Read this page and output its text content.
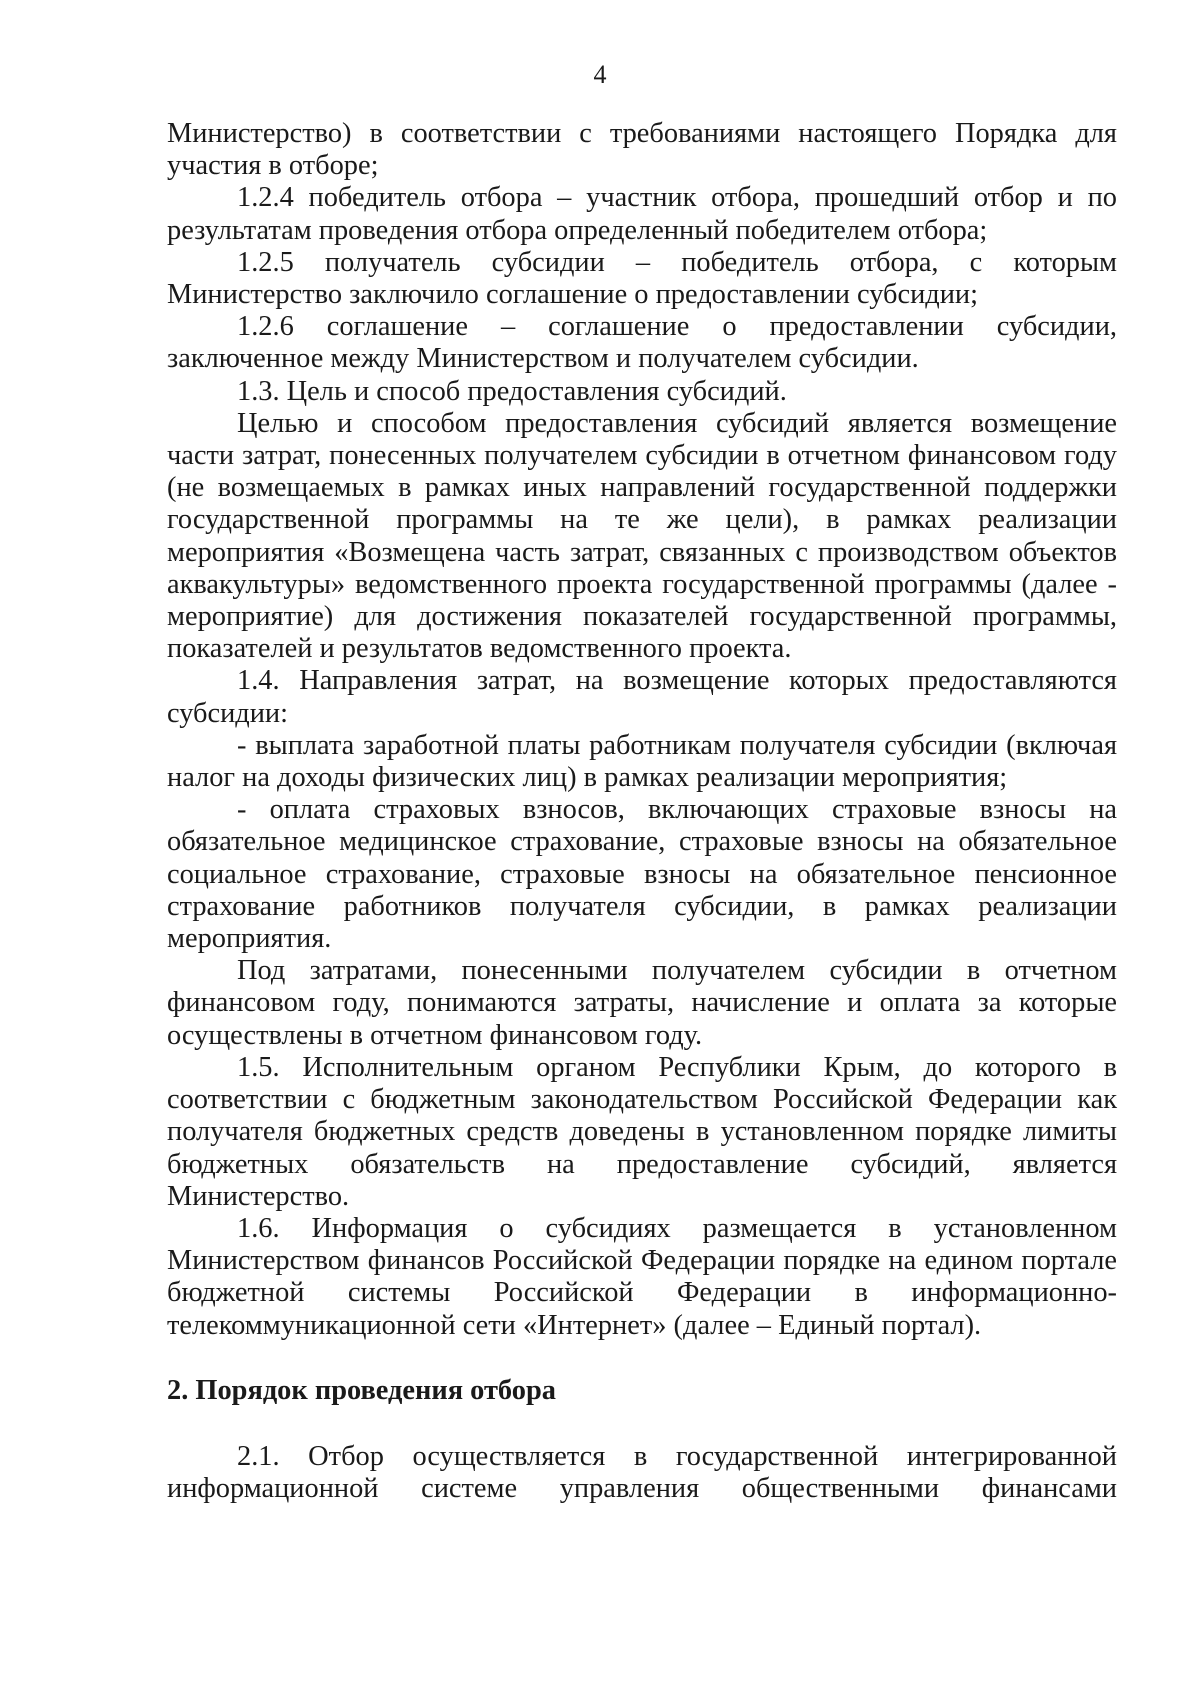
4

Министерство) в соответствии с требованиями настоящего Порядка для участия в отборе;

1.2.4 победитель отбора – участник отбора, прошедший отбор и по результатам проведения отбора определенный победителем отбора;

1.2.5 получатель субсидии – победитель отбора, с которым Министерство заключило соглашение о предоставлении субсидии;

1.2.6 соглашение – соглашение о предоставлении субсидии, заключенное между Министерством и получателем субсидии.

1.3. Цель и способ предоставления субсидий.

Целью и способом предоставления субсидий является возмещение части затрат, понесенных получателем субсидии в отчетном финансовом году (не возмещаемых в рамках иных направлений государственной поддержки государственной программы на те же цели), в рамках реализации мероприятия «Возмещена часть затрат, связанных с производством объектов аквакультуры» ведомственного проекта государственной программы (далее - мероприятие) для достижения показателей государственной программы, показателей и результатов ведомственного проекта.

1.4. Направления затрат, на возмещение которых предоставляются субсидии:

- выплата заработной платы работникам получателя субсидии (включая налог на доходы физических лиц) в рамках реализации мероприятия;

- оплата страховых взносов, включающих страховые взносы на обязательное медицинское страхование, страховые взносы на обязательное социальное страхование, страховые взносы на обязательное пенсионное страхование работников получателя субсидии, в рамках реализации мероприятия.

Под затратами, понесенными получателем субсидии в отчетном финансовом году, понимаются затраты, начисление и оплата за которые осуществлены в отчетном финансовом году.

1.5. Исполнительным органом Республики Крым, до которого в соответствии с бюджетным законодательством Российской Федерации как получателя бюджетных средств доведены в установленном порядке лимиты бюджетных обязательств на предоставление субсидий, является Министерство.

1.6. Информация о субсидиях размещается в установленном Министерством финансов Российской Федерации порядке на едином портале бюджетной системы Российской Федерации в информационно-телекоммуникационной сети «Интернет» (далее – Единый портал).

2. Порядок проведения отбора

2.1. Отбор осуществляется в государственной интегрированной информационной системе управления общественными финансами
